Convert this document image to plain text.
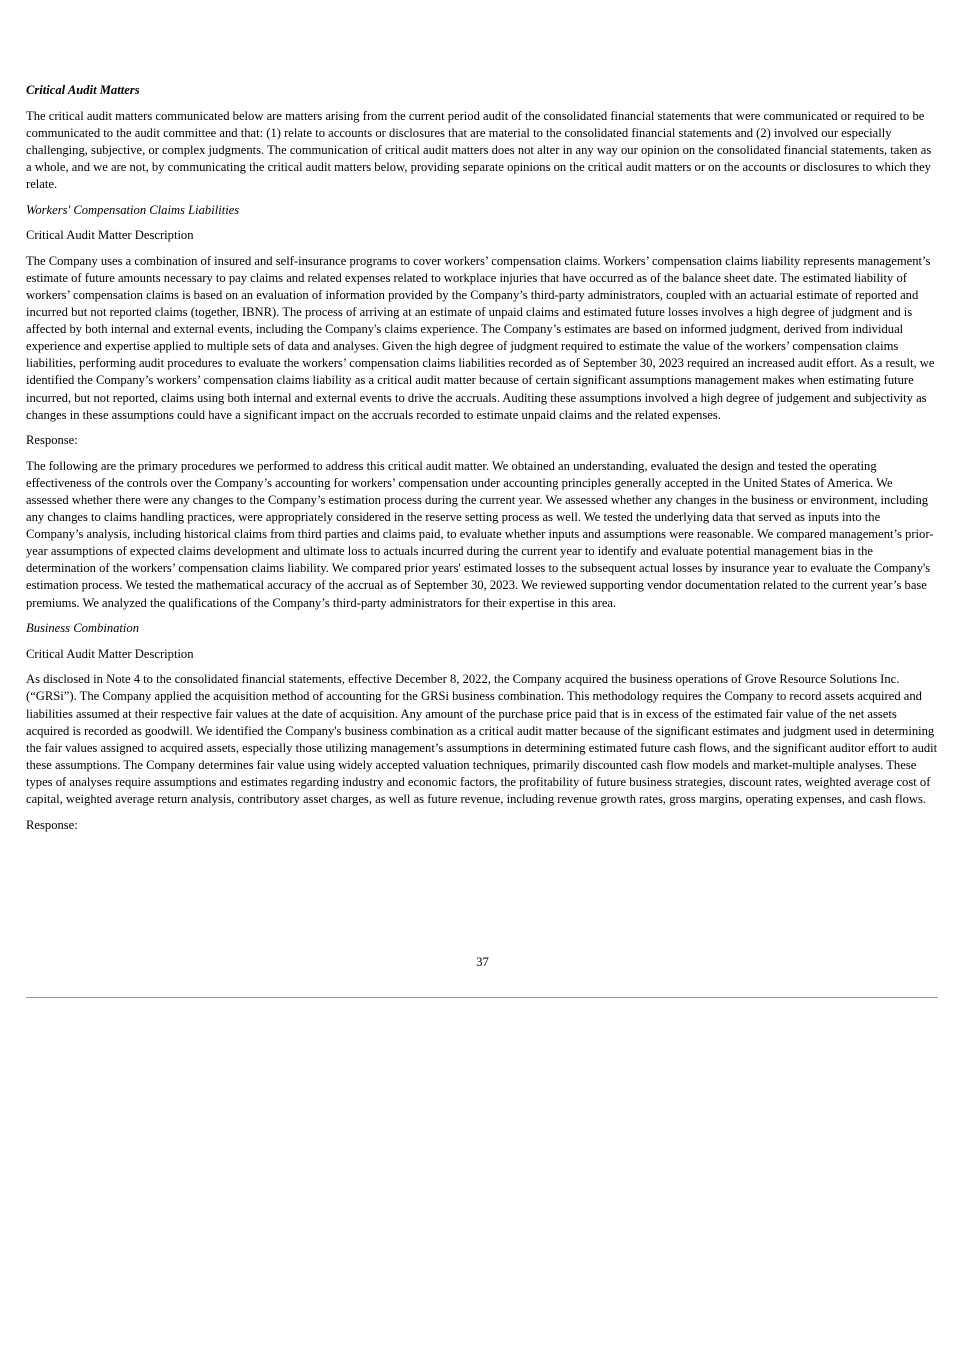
Critical Audit Matters

The critical audit matters communicated below are matters arising from the current period audit of the consolidated financial statements that were communicated or required to be communicated to the audit committee and that: (1) relate to accounts or disclosures that are material to the consolidated financial statements and (2) involved our especially challenging, subjective, or complex judgments. The communication of critical audit matters does not alter in any way our opinion on the consolidated financial statements, taken as a whole, and we are not, by communicating the critical audit matters below, providing separate opinions on the critical audit matters or on the accounts or disclosures to which they relate.

Workers' Compensation Claims Liabilities

Critical Audit Matter Description

The Company uses a combination of insured and self-insurance programs to cover workers’ compensation claims. Workers’ compensation claims liability represents management’s estimate of future amounts necessary to pay claims and related expenses related to workplace injuries that have occurred as of the balance sheet date. The estimated liability of workers’ compensation claims is based on an evaluation of information provided by the Company’s third-party administrators, coupled with an actuarial estimate of reported and incurred but not reported claims (together, IBNR). The process of arriving at an estimate of unpaid claims and estimated future losses involves a high degree of judgment and is affected by both internal and external events, including the Company's claims experience. The Company’s estimates are based on informed judgment, derived from individual experience and expertise applied to multiple sets of data and analyses. Given the high degree of judgment required to estimate the value of the workers’ compensation claims liabilities, performing audit procedures to evaluate the workers’ compensation claims liabilities recorded as of September 30, 2023 required an increased audit effort. As a result, we identified the Company’s workers’ compensation claims liability as a critical audit matter because of certain significant assumptions management makes when estimating future incurred, but not reported, claims using both internal and external events to drive the accruals. Auditing these assumptions involved a high degree of judgement and subjectivity as changes in these assumptions could have a significant impact on the accruals recorded to estimate unpaid claims and the related expenses.

Response:

The following are the primary procedures we performed to address this critical audit matter. We obtained an understanding, evaluated the design and tested the operating effectiveness of the controls over the Company’s accounting for workers’ compensation under accounting principles generally accepted in the United States of America. We assessed whether there were any changes to the Company’s estimation process during the current year. We assessed whether any changes in the business or environment, including any changes to claims handling practices, were appropriately considered in the reserve setting process as well. We tested the underlying data that served as inputs into the Company’s analysis, including historical claims from third parties and claims paid, to evaluate whether inputs and assumptions were reasonable. We compared management’s prior-year assumptions of expected claims development and ultimate loss to actuals incurred during the current year to identify and evaluate potential management bias in the determination of the workers’ compensation claims liability. We compared prior years' estimated losses to the subsequent actual losses by insurance year to evaluate the Company's estimation process. We tested the mathematical accuracy of the accrual as of September 30, 2023. We reviewed supporting vendor documentation related to the current year’s base premiums. We analyzed the qualifications of the Company’s third-party administrators for their expertise in this area.

Business Combination

Critical Audit Matter Description

As disclosed in Note 4 to the consolidated financial statements, effective December 8, 2022, the Company acquired the business operations of Grove Resource Solutions Inc. (“GRSi”). The Company applied the acquisition method of accounting for the GRSi business combination. This methodology requires the Company to record assets acquired and liabilities assumed at their respective fair values at the date of acquisition. Any amount of the purchase price paid that is in excess of the estimated fair value of the net assets acquired is recorded as goodwill. We identified the Company's business combination as a critical audit matter because of the significant estimates and judgment used in determining the fair values assigned to acquired assets, especially those utilizing management’s assumptions in determining estimated future cash flows, and the significant auditor effort to audit these assumptions. The Company determines fair value using widely accepted valuation techniques, primarily discounted cash flow models and market-multiple analyses. These types of analyses require assumptions and estimates regarding industry and economic factors, the profitability of future business strategies, discount rates, weighted average cost of capital, weighted average return analysis, contributory asset charges, as well as future revenue, including revenue growth rates, gross margins, operating expenses, and cash flows.

Response:

37
